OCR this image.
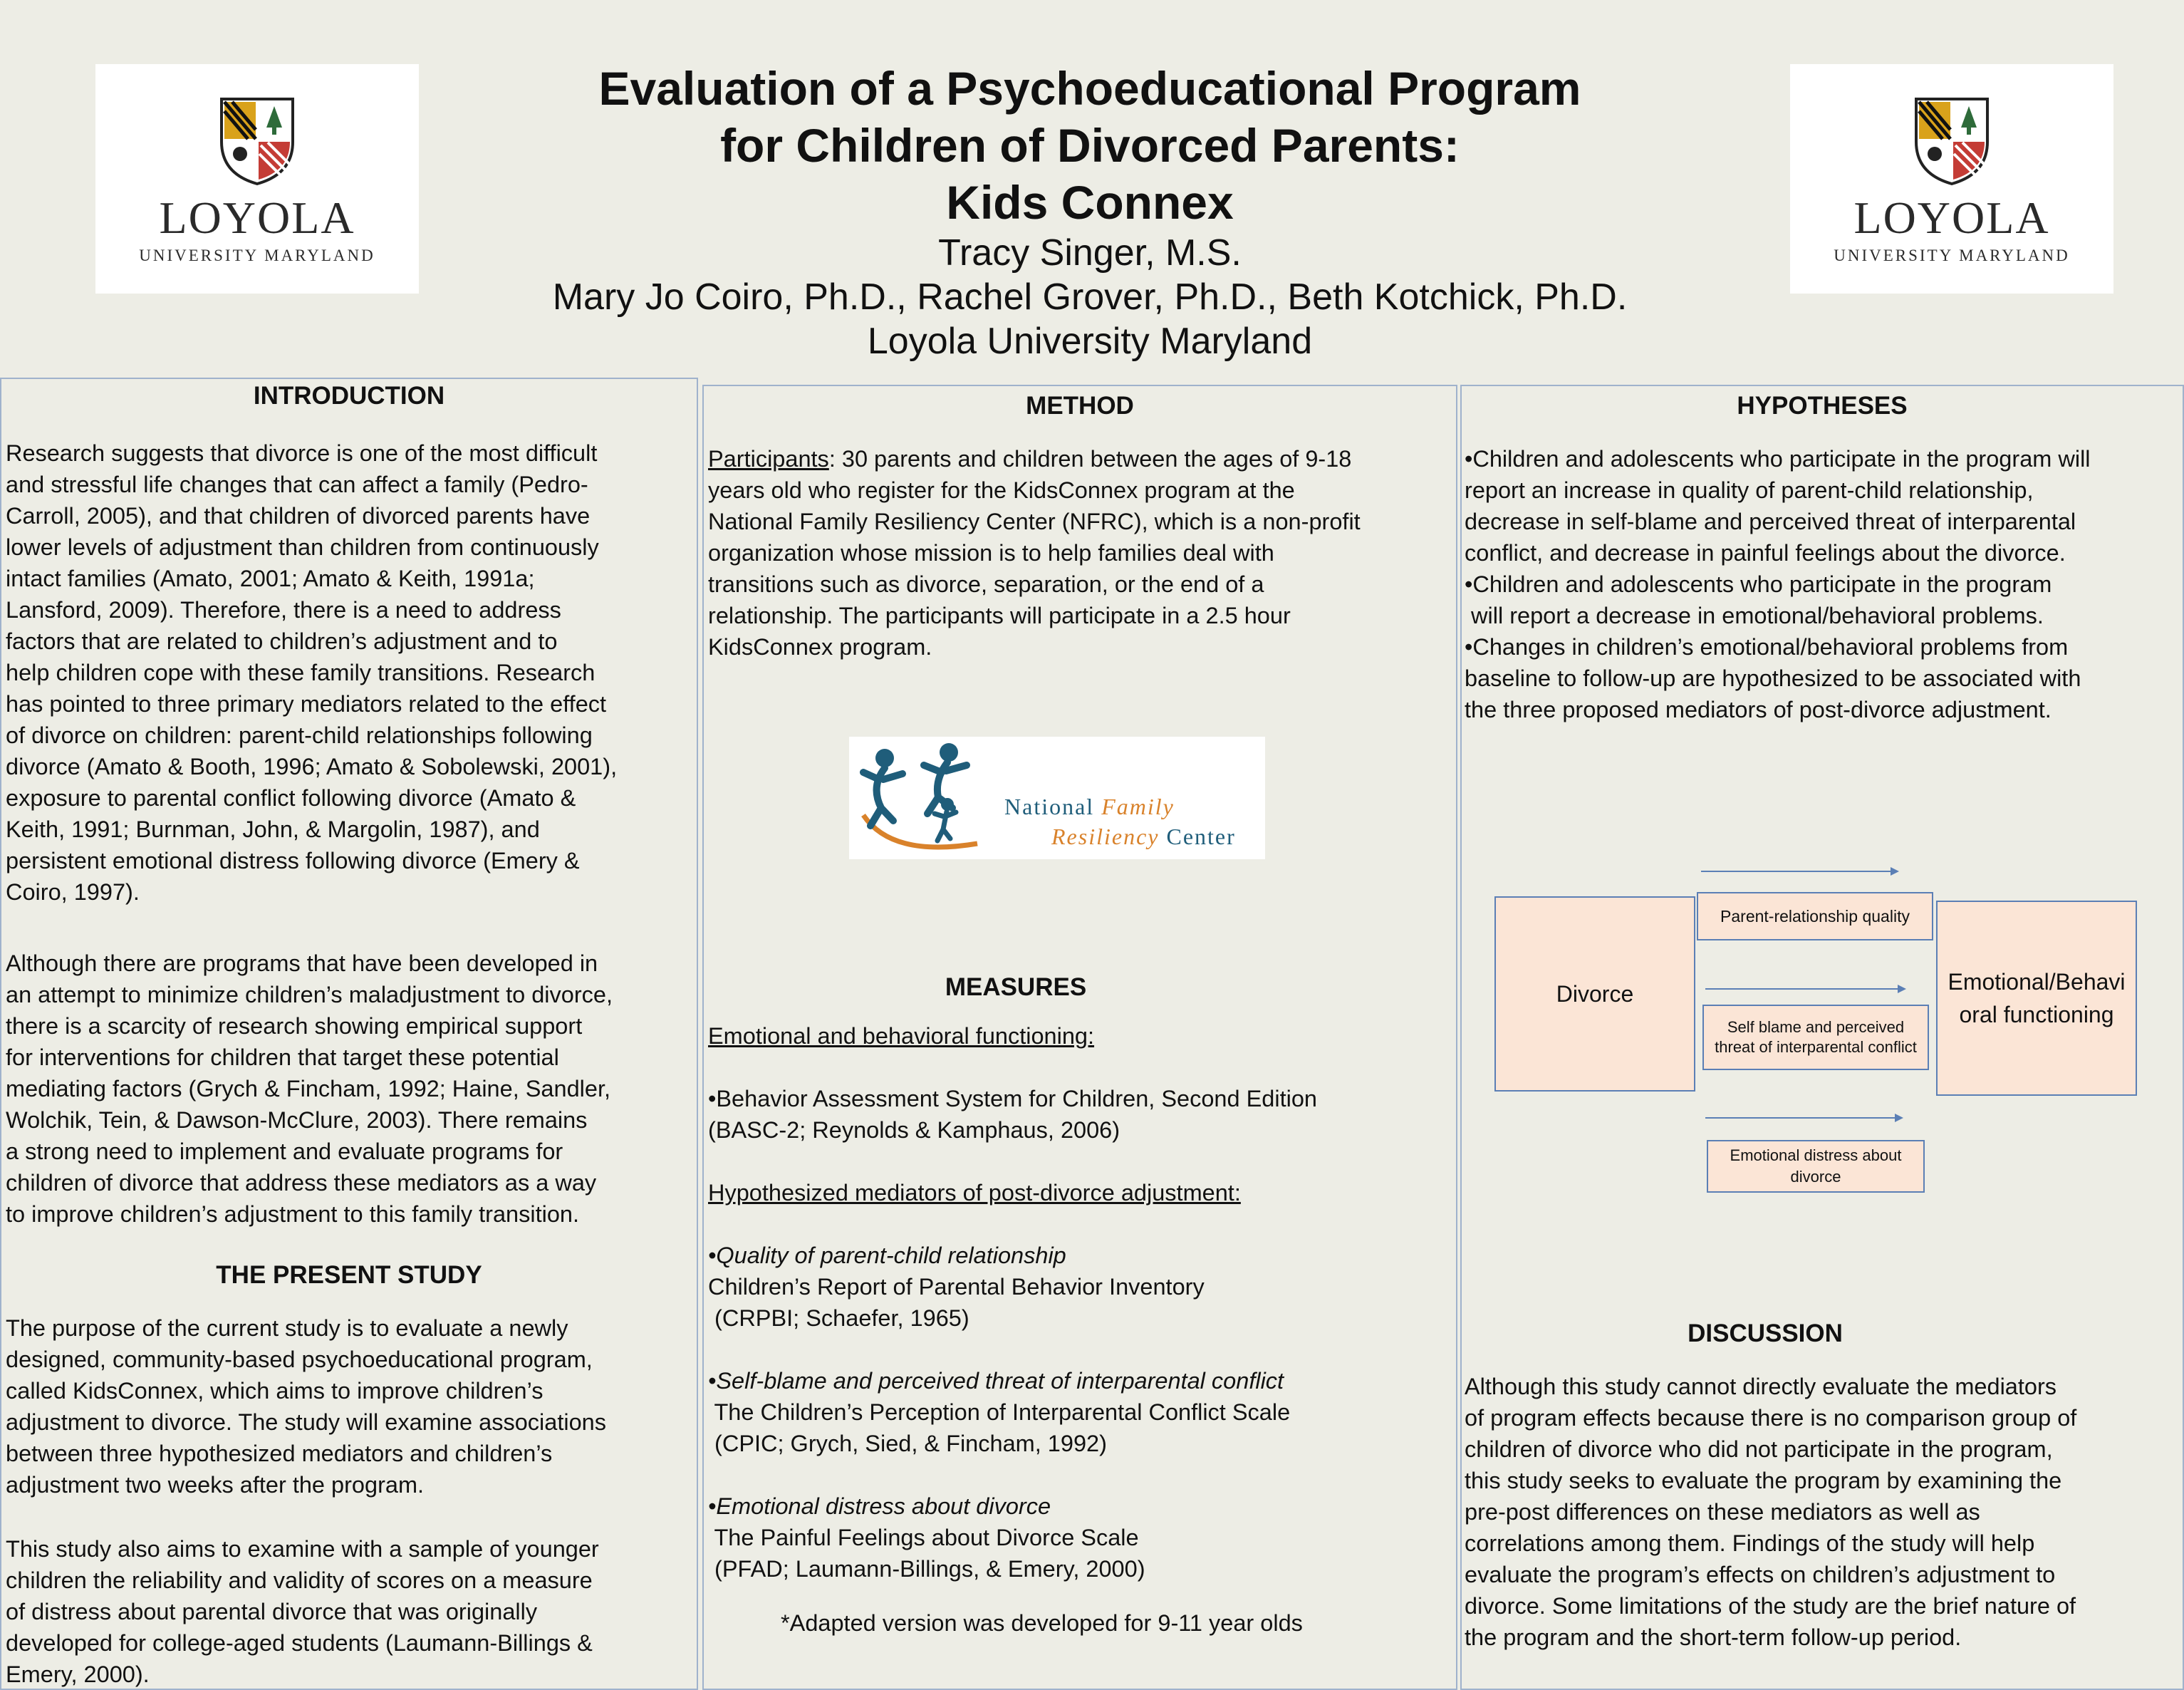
LOYOLA
UNIVERSITY MARYLAND
LOYOLA
UNIVERSITY MARYLAND
Evaluation of a Psychoeducational Program
for Children of Divorced Parents:
Kids Connex
Tracy Singer, M.S.
Mary Jo Coiro, Ph.D., Rachel Grover, Ph.D., Beth Kotchick, Ph.D.
Loyola University Maryland
INTRODUCTION
Research suggests that divorce is one of the most difficult
and stressful life changes that can affect a family (Pedro-
Carroll, 2005), and that children of divorced parents have
lower levels of adjustment than children from continuously
intact families (Amato, 2001; Amato & Keith, 1991a;
Lansford, 2009). Therefore, there is a need to address
factors that are related to children’s adjustment and to
help children cope with these family transitions. Research
has pointed to three primary mediators related to the effect
of divorce on children: parent-child relationships following
divorce (Amato & Booth, 1996; Amato & Sobolewski, 2001),
exposure to parental conflict following divorce (Amato &
Keith, 1991; Burnman, John, & Margolin, 1987), and
persistent emotional distress following divorce (Emery &
Coiro, 1997).
Although there are programs that have been developed in
an attempt to minimize children’s maladjustment to divorce,
there is a scarcity of research showing empirical support
for interventions for children that target these potential
mediating factors (Grych & Fincham, 1992; Haine, Sandler,
Wolchik, Tein, & Dawson-McClure, 2003). There remains
a strong need to implement and evaluate programs for
children of divorce that address these mediators as a way
to improve children’s adjustment to this family transition.
THE PRESENT STUDY
The purpose of the current study is to evaluate a newly
designed, community-based psychoeducational program,
called KidsConnex, which aims to improve children’s
adjustment to divorce. The study will examine associations
between three hypothesized mediators and children’s
adjustment two weeks after the program.
This study also aims to examine with a sample of younger
children the reliability and validity of scores on a measure
of distress about parental divorce that was originally
developed for college-aged students (Laumann-Billings &
Emery, 2000).
METHOD
Participants: 30 parents and children between the ages of 9-18
years old who register for the KidsConnex program at the
National Family Resiliency Center (NFRC), which is a non-profit
organization whose mission is to help families deal with
transitions such as divorce, separation, or the end of a
relationship. The participants will participate in a 2.5 hour
KidsConnex program.
National Family
Resiliency Center
MEASURES
Emotional and behavioral functioning:
•Behavior Assessment System for Children, Second Edition
(BASC-2; Reynolds & Kamphaus, 2006)
Hypothesized mediators of post-divorce adjustment:
•Quality of parent-child relationship
Children’s Report of Parental Behavior Inventory
(CRPBI; Schaefer, 1965)
•Self-blame and perceived threat of interparental conflict
The Children’s Perception of Interparental Conflict Scale
(CPIC; Grych, Sied, & Fincham, 1992)
•Emotional distress about divorce
The Painful Feelings about Divorce Scale
(PFAD; Laumann-Billings, & Emery, 2000)
*Adapted version was developed for 9-11 year olds
HYPOTHESES
•Children and adolescents who participate in the program will
report an increase in quality of parent-child relationship,
decrease in self-blame and perceived threat of interparental
conflict, and decrease in painful feelings about the divorce.
•Children and adolescents who participate in the program
will report a decrease in emotional/behavioral problems.
•Changes in children’s emotional/behavioral problems from
baseline to follow-up are hypothesized to be associated with
the three proposed mediators of post-divorce adjustment.
Divorce
Parent-relationship quality
Self blame and perceived threat of interparental conflict
Emotional distress about divorce
Emotional/Behavioral functioning
DISCUSSION
Although this study cannot directly evaluate the mediators
of program effects because there is no comparison group of
children of divorce who did not participate in the program,
this study seeks to evaluate the program by examining the
pre-post differences on these mediators as well as
correlations among them. Findings of the study will help
evaluate the program’s effects on children’s adjustment to
divorce. Some limitations of the study are the brief nature of
the program and the short-term follow-up period.
